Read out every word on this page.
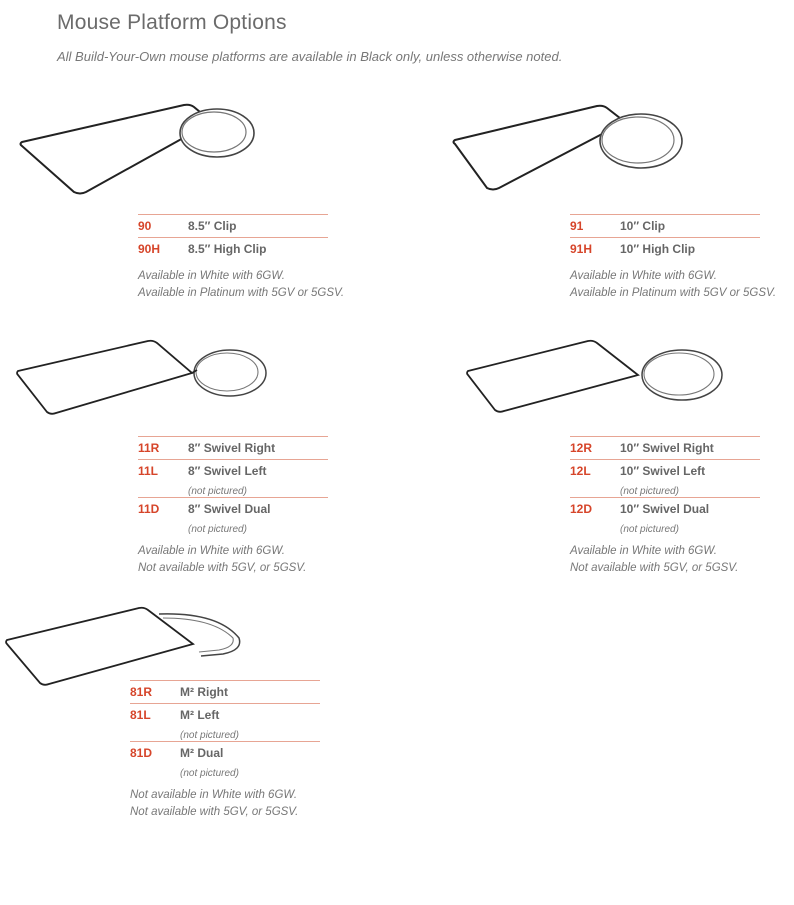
Mouse Platform Options
All Build-Your-Own mouse platforms are available in Black only, unless otherwise noted.
90	8.5″ Clip
90H 8.5″ High Clip
Available in White with 6GW.
Available in Platinum with 5GV or 5GSV.
91	10″ Clip
91H 10″ High Clip
Available in White with 6GW.
Available in Platinum with 5GV or 5GSV.
11R 8″ Swivel Right
11L 8″ Swivel Left
(not pictured)
11D 8″ Swivel Dual
(not pictured)
Available in White with 6GW.
Not available with 5GV, or 5GSV.
12R 10″ Swivel Right
12L 10″ Swivel Left
(not pictured)
12D 10″ Swivel Dual
(not pictured)
Available in White with 6GW.
Not available with 5GV, or 5GSV.
81R M² Right
81L M² Left
(not pictured)
81D M² Dual
(not pictured)
Not available in White with 6GW.
Not available with 5GV, or 5GSV.
